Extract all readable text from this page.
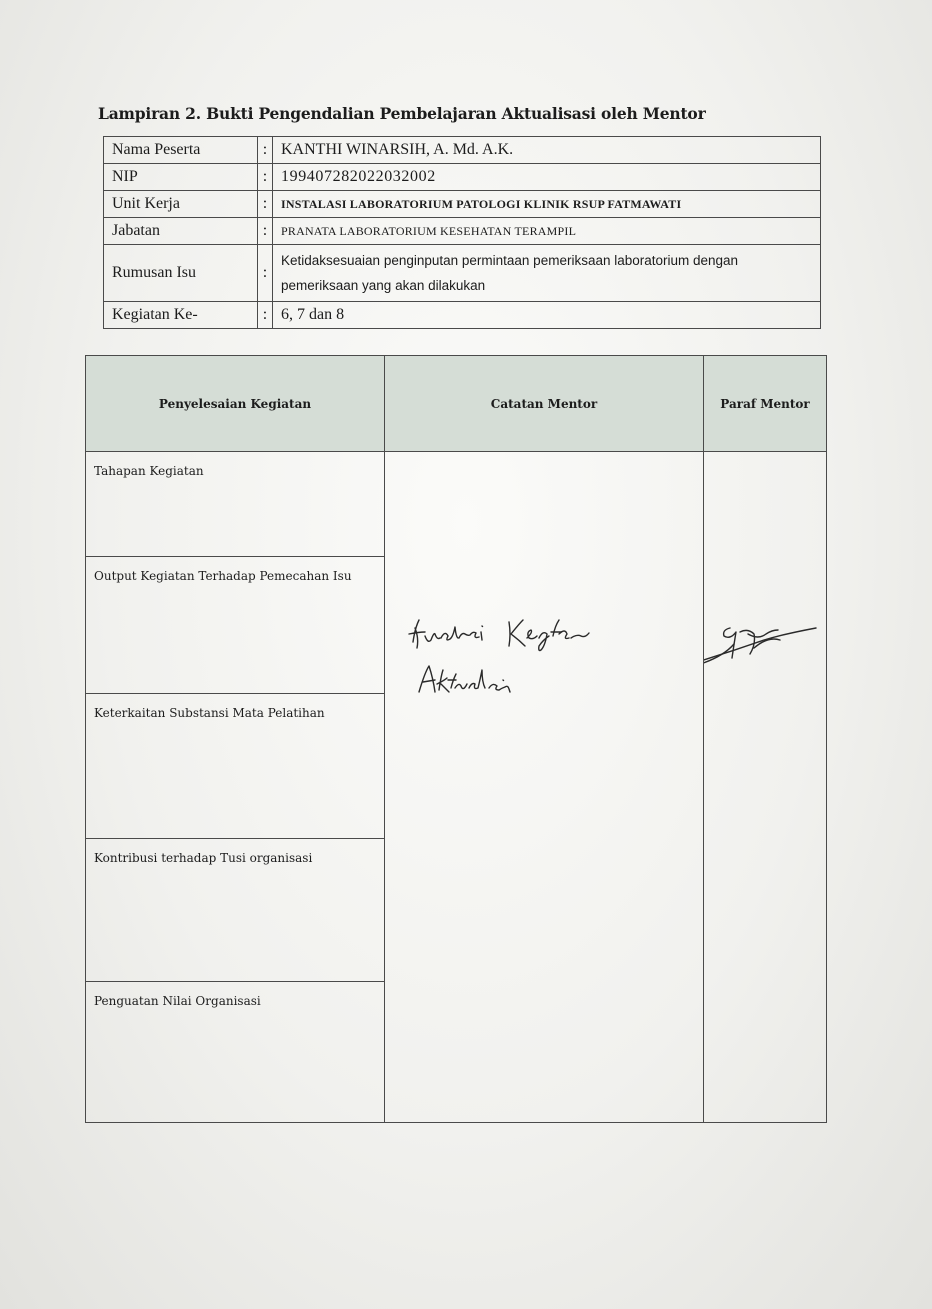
Lampiran 2. Bukti Pengendalian Pembelajaran Aktualisasi oleh Mentor
Nama Peserta	:	KANTHI WINARSIH, A. Md. A.K.
NIP	:	199407282022032002
Unit Kerja	:	INSTALASI LABORATORIUM PATOLOGI KLINIK RSUP FATMAWATI
Jabatan	:	PRANATA LABORATORIUM KESEHATAN TERAMPIL
Rumusan Isu	:	Ketidaksesuaian penginputan permintaan pemeriksaan laboratorium dengan pemeriksaan yang akan dilakukan
Kegiatan Ke-	:	6, 7 dan 8
Penyelesaian Kegiatan	Catatan Mentor	Paraf Mentor
Tahapan Kegiatan	

Output Kegiatan Terhadap Pemecahan Isu		
Keterkaitan Substansi Mata Pelatihan		
Kontribusi terhadap Tusi organisasi		
Penguatan Nilai Organisasi		
